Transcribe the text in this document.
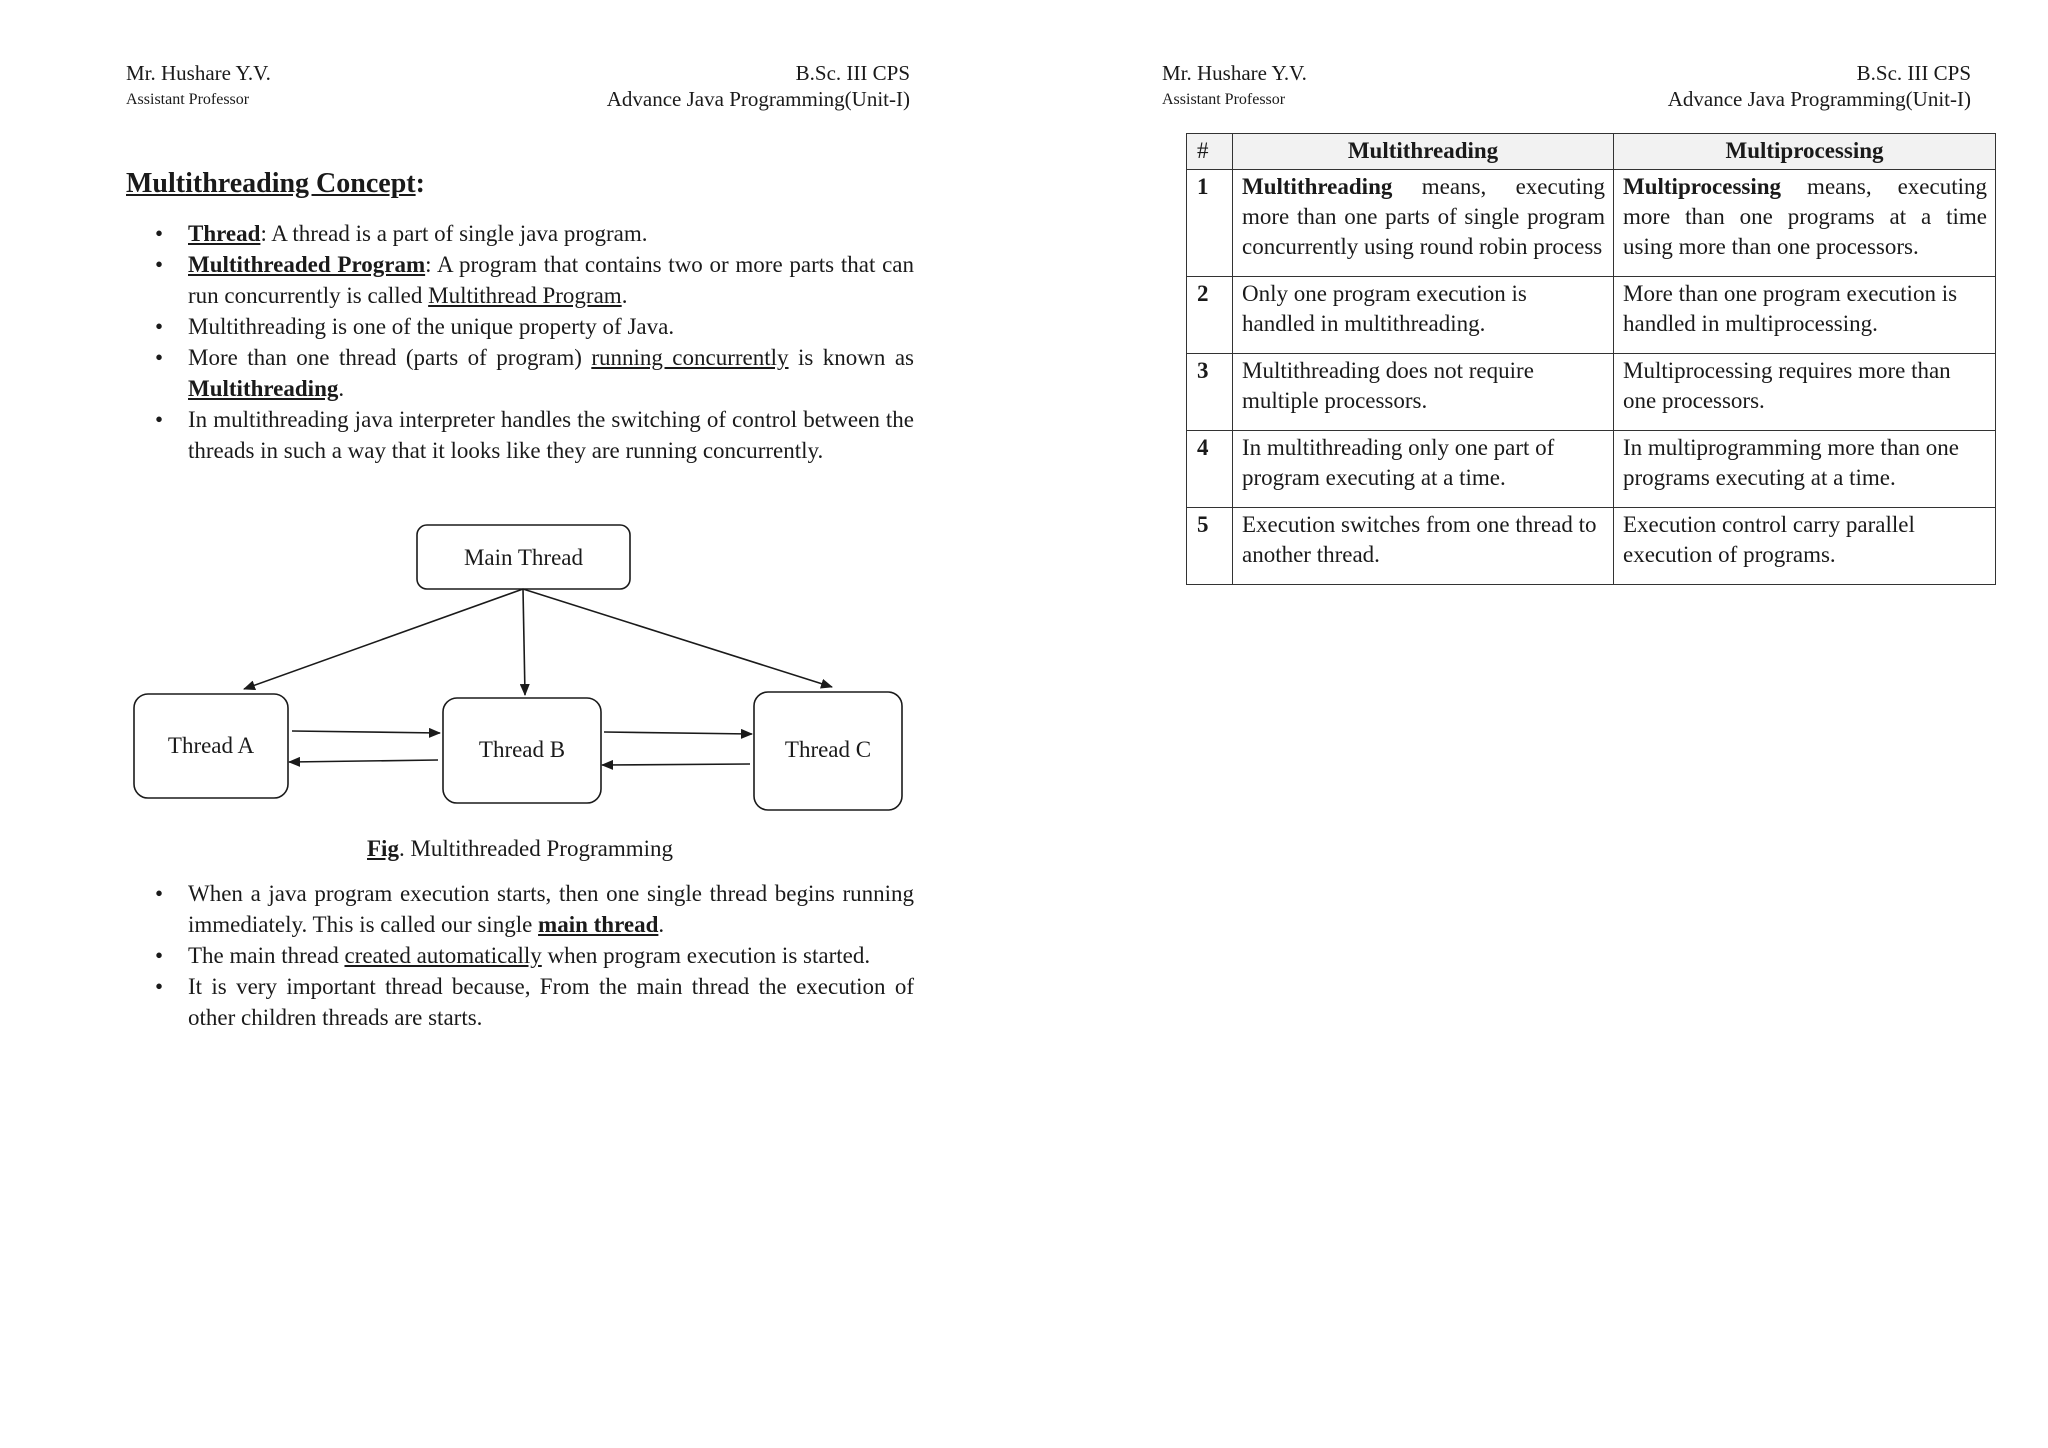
Mr. Hushare Y.V.
Assistant Professor
B.Sc. III CPS
Advance Java Programming(Unit-I)
Multithreading Concept:
• Thread: A thread is a part of single java program.
• Multithreaded Program: A program that contains two or more parts that can run concurrently is called Multithread Program.
• Multithreading is one of the unique property of Java.
• More than one thread (parts of program) running concurrently is known as Multithreading.
• In multithreading java interpreter handles the switching of control between the threads in such a way that it looks like they are running concurrently.
Main Thread
Thread A	Thread B	Thread C
Fig. Multithreaded Programming
• When a java program execution starts, then one single thread begins running immediately. This is called our single main thread.
• The main thread created automatically when program execution is started.
• It is very important thread because, From the main thread the execution of other children threads are starts.
Mr. Hushare Y.V.
Assistant Professor
B.Sc. III CPS
Advance Java Programming(Unit-I)
#	Multithreading	Multiprocessing
1	Multithreading means, executing more than one parts of single program concurrently using round robin process	Multiprocessing means, executing more than one programs at a time using more than one processors.
2	Only one program execution is handled in multithreading.	More than one program execution is handled in multiprocessing.
3	Multithreading does not require multiple processors.	Multiprocessing requires more than one processors.
4	In multithreading only one part of program executing at a time.	In multiprogramming more than one programs executing at a time.
5	Execution switches from one thread to another thread.	Execution control carry parallel execution of programs.
